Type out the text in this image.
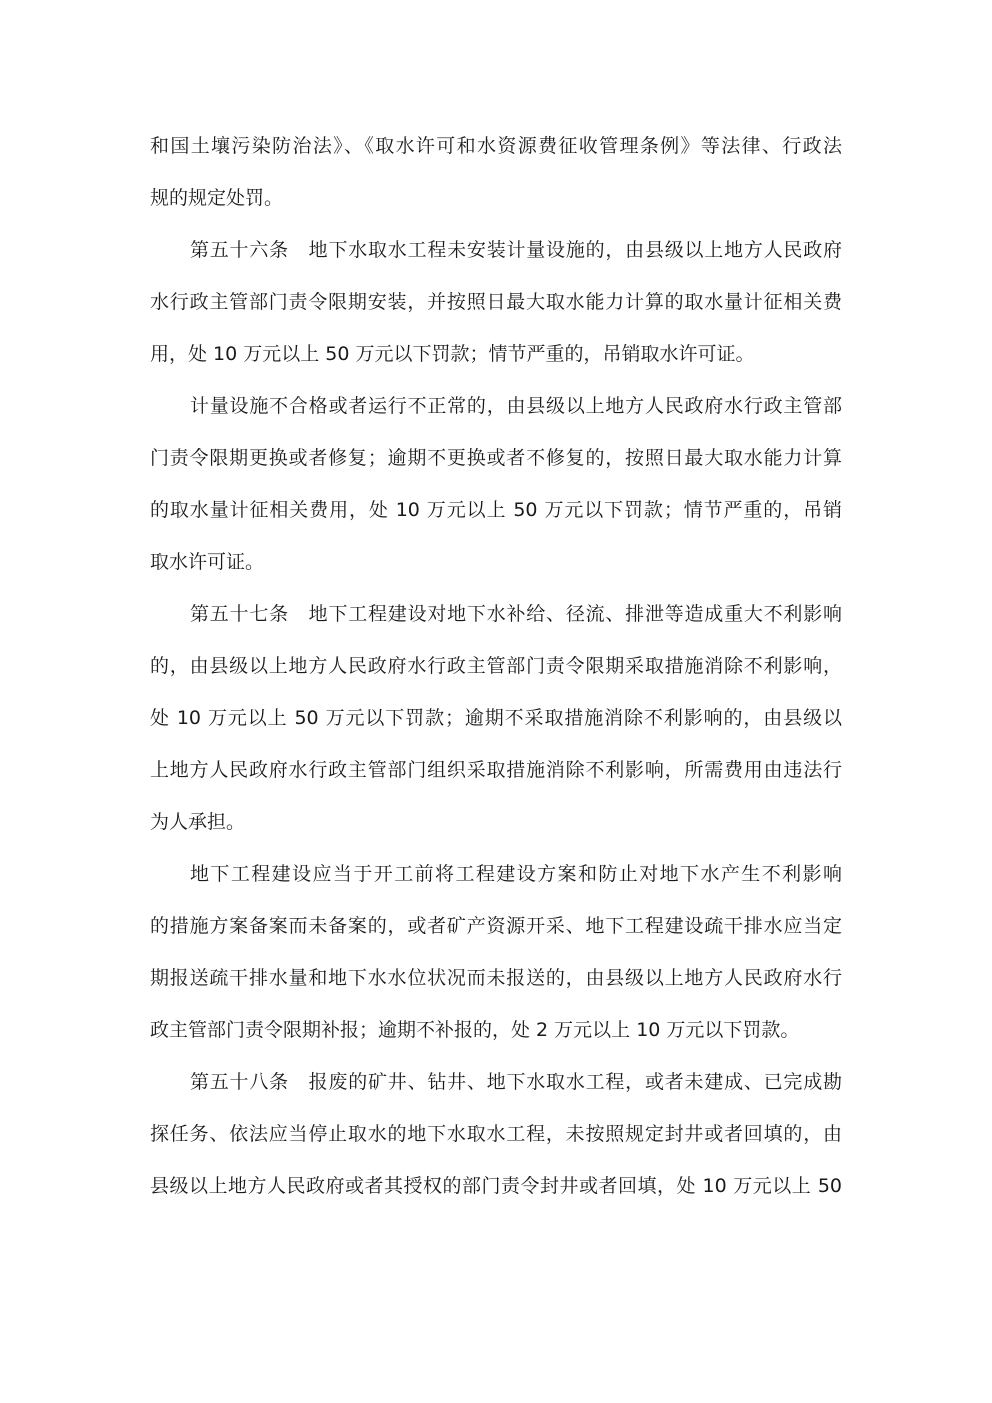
和国土壤污染防治法》、《取水许可和水资源费征收管理条例》等法律、行政法
规的规定处罚。
第五十六条　地下水取水工程未安装计量设施的，由县级以上地方人民政府
水行政主管部门责令限期安装，并按照日最大取水能力计算的取水量计征相关费
用，处 10 万元以上 50 万元以下罚款；情节严重的，吊销取水许可证。
计量设施不合格或者运行不正常的，由县级以上地方人民政府水行政主管部
门责令限期更换或者修复；逾期不更换或者不修复的，按照日最大取水能力计算
的取水量计征相关费用，处 10 万元以上 50 万元以下罚款；情节严重的，吊销
取水许可证。
第五十七条　地下工程建设对地下水补给、径流、排泄等造成重大不利影响
的，由县级以上地方人民政府水行政主管部门责令限期采取措施消除不利影响，
处 10 万元以上 50 万元以下罚款；逾期不采取措施消除不利影响的，由县级以
上地方人民政府水行政主管部门组织采取措施消除不利影响，所需费用由违法行
为人承担。
地下工程建设应当于开工前将工程建设方案和防止对地下水产生不利影响
的措施方案备案而未备案的，或者矿产资源开采、地下工程建设疏干排水应当定
期报送疏干排水量和地下水水位状况而未报送的，由县级以上地方人民政府水行
政主管部门责令限期补报；逾期不补报的，处 2 万元以上 10 万元以下罚款。
第五十八条　报废的矿井、钻井、地下水取水工程，或者未建成、已完成勘
探任务、依法应当停止取水的地下水取水工程，未按照规定封井或者回填的，由
县级以上地方人民政府或者其授权的部门责令封井或者回填，处 10 万元以上 50
